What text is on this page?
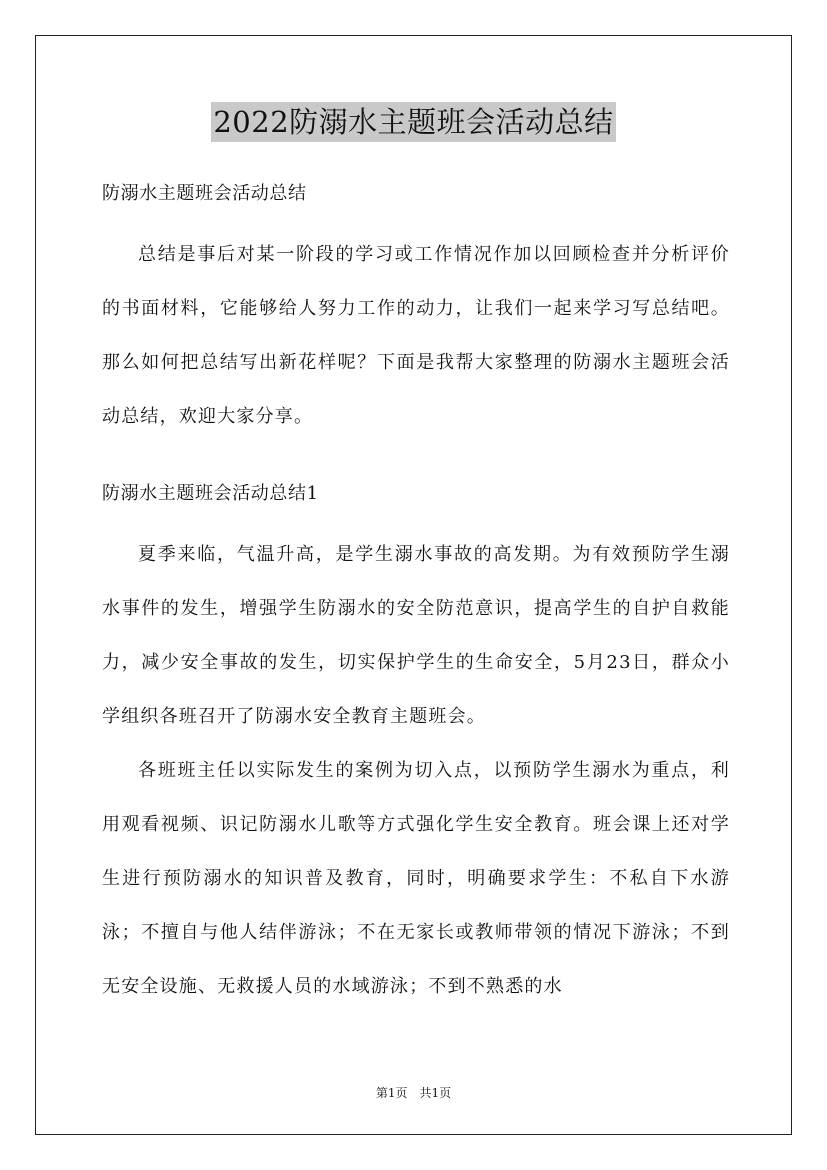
2022防溺水主题班会活动总结

防溺水主题班会活动总结

总结是事后对某一阶段的学习或工作情况作加以回顾检查并分析评价的书面材料，它能够给人努力工作的动力，让我们一起来学习写总结吧。那么如何把总结写出新花样呢？下面是我帮大家整理的防溺水主题班会活动总结，欢迎大家分享。

防溺水主题班会活动总结1

夏季来临，气温升高，是学生溺水事故的高发期。为有效预防学生溺水事件的发生，增强学生防溺水的安全防范意识，提高学生的自护自救能力，减少安全事故的发生，切实保护学生的生命安全，5月23日，群众小学组织各班召开了防溺水安全教育主题班会。

各班班主任以实际发生的案例为切入点，以预防学生溺水为重点，利用观看视频、识记防溺水儿歌等方式强化学生安全教育。班会课上还对学生进行预防溺水的知识普及教育，同时，明确要求学生：不私自下水游泳；不擅自与他人结伴游泳；不在无家长或教师带领的情况下游泳；不到无安全设施、无救援人员的水域游泳；不到不熟悉的水

第1页　共1页
